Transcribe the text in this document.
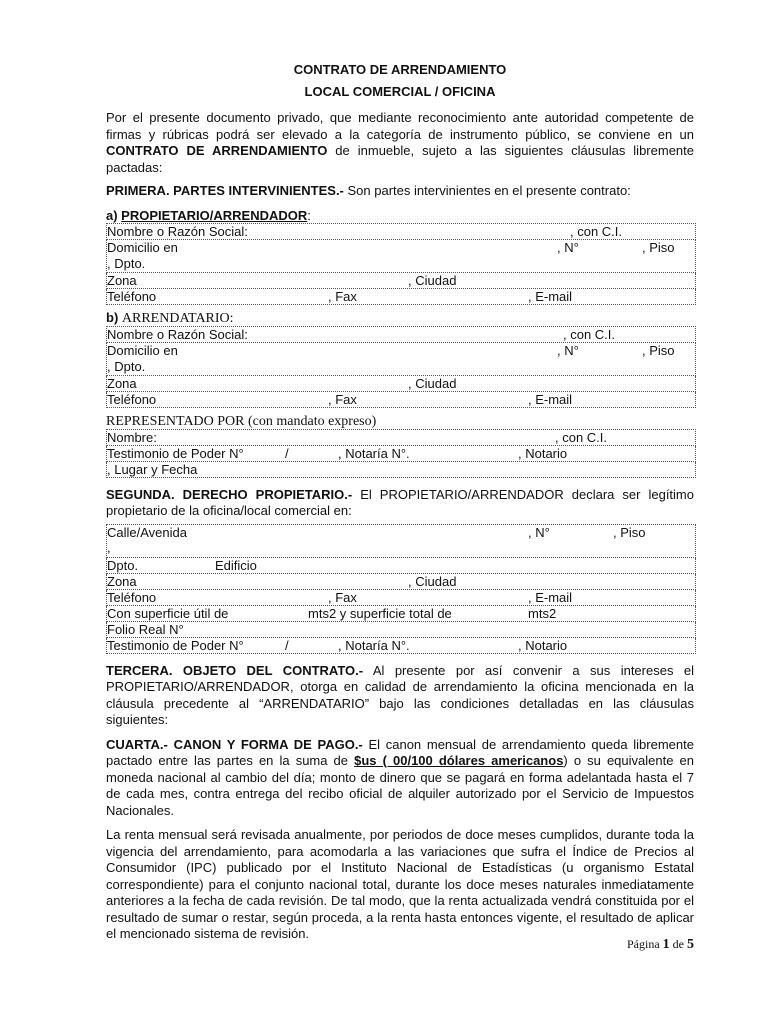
CONTRATO DE ARRENDAMIENTO
LOCAL COMERCIAL / OFICINA

Por el presente documento privado, que mediante reconocimiento ante autoridad competente de firmas y rúbricas podrá ser elevado a la categoría de instrumento público, se conviene en un CONTRATO DE ARRENDAMIENTO de inmueble, sujeto a las siguientes cláusulas libremente pactadas:

PRIMERA. PARTES INTERVINIENTES.- Son partes intervinientes en el presente contrato:

a) PROPIETARIO/ARRENDADOR:
Nombre o Razón Social:	, con C.I.

Domicilio en	, N°	, Piso
, Dpto.

Zona	, Ciudad

Teléfono	, Fax	, E-mail
b) ARRENDATARIO:
Nombre o Razón Social:	, con C.I.

Domicilio en	, N°	, Piso
, Dpto.

Zona	, Ciudad

Teléfono	, Fax	, E-mail
REPRESENTADO POR (con mandato expreso)
Nombre:	, con C.I.

Testimonio de Poder N°	/	, Notaría N°.	, Notario

, Lugar y Fecha

SEGUNDA. DERECHO PROPIETARIO.- El PROPIETARIO/ARRENDADOR declara ser legítimo propietario de la oficina/local comercial en:

Calle/Avenida	, N°	, Piso
,

Dpto.	Edificio

Zona	, Ciudad

Teléfono	, Fax	, E-mail

Con superficie útil de	mts2 y superficie total de	mts2

Folio Real N°

Testimonio de Poder N°	/	, Notaría N°.	, Notario

TERCERA. OBJETO DEL CONTRATO.- Al presente por así convenir a sus intereses el PROPIETARIO/ARRENDADOR, otorga en calidad de arrendamiento la oficina mencionada en la cláusula precedente al “ARRENDATARIO” bajo las condiciones detalladas en las cláusulas siguientes:

CUARTA.- CANON Y FORMA DE PAGO.- El canon mensual de arrendamiento queda libremente pactado entre las partes en la suma de $us ( 00/100 dólares americanos) o su equivalente en moneda nacional al cambio del día; monto de dinero que se pagará en forma adelantada hasta el 7 de cada mes, contra entrega del recibo oficial de alquiler autorizado por el Servicio de Impuestos Nacionales.

La renta mensual será revisada anualmente, por periodos de doce meses cumplidos, durante toda la vigencia del arrendamiento, para acomodarla a las variaciones que sufra el Índice de Precios al Consumidor (IPC) publicado por el Instituto Nacional de Estadísticas (u organismo Estatal correspondiente) para el conjunto nacional total, durante los doce meses naturales inmediatamente anteriores a la fecha de cada revisión. De tal modo, que la renta actualizada vendrá constituida por el resultado de sumar o restar, según proceda, a la renta hasta entonces vigente, el resultado de aplicar el mencionado sistema de revisión.

Página 1 de 5
